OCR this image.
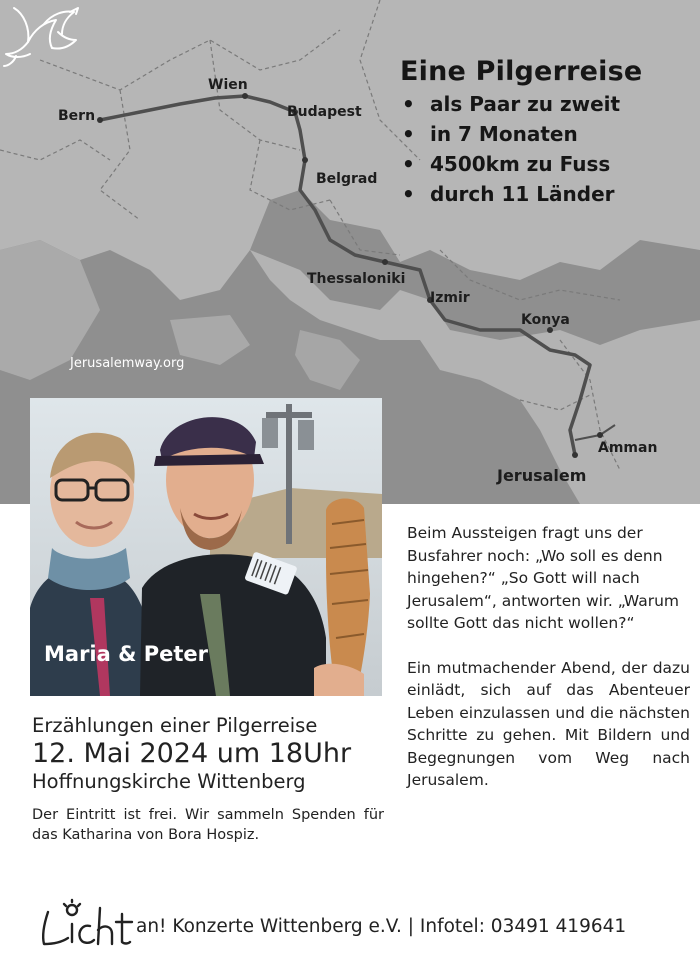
Bern
Wien
Budapest
Belgrad
Thessaloniki
Izmir
Konya
Amman
Jerusalem
Eine Pilgerreise
• als Paar zu zweit
• in 7 Monaten
• 4500km zu Fuss
• durch 11 Länder
Jerusalemway.org
Maria & Peter
Erzählungen einer Pilgerreise
12. Mai 2024 um 18Uhr
Hoffnungskirche Wittenberg
Der Eintritt ist frei. Wir sammeln Spenden für das Katharina von Bora Hospiz.

Beim Aussteigen fragt uns der Busfahrer noch: „Wo soll es denn hingehen?“ „So Gott will nach Jerusalem“, antworten wir. „Warum sollte Gott das nicht wollen?“

Ein mutmachender Abend, der dazu einlädt, sich auf das Abenteuer Leben einzulassen und die nächsten Schritte zu gehen. Mit Bildern und Begegnungen vom Weg nach Jerusalem.

an! Konzerte Wittenberg e.V. | Infotel: 03491 419641
